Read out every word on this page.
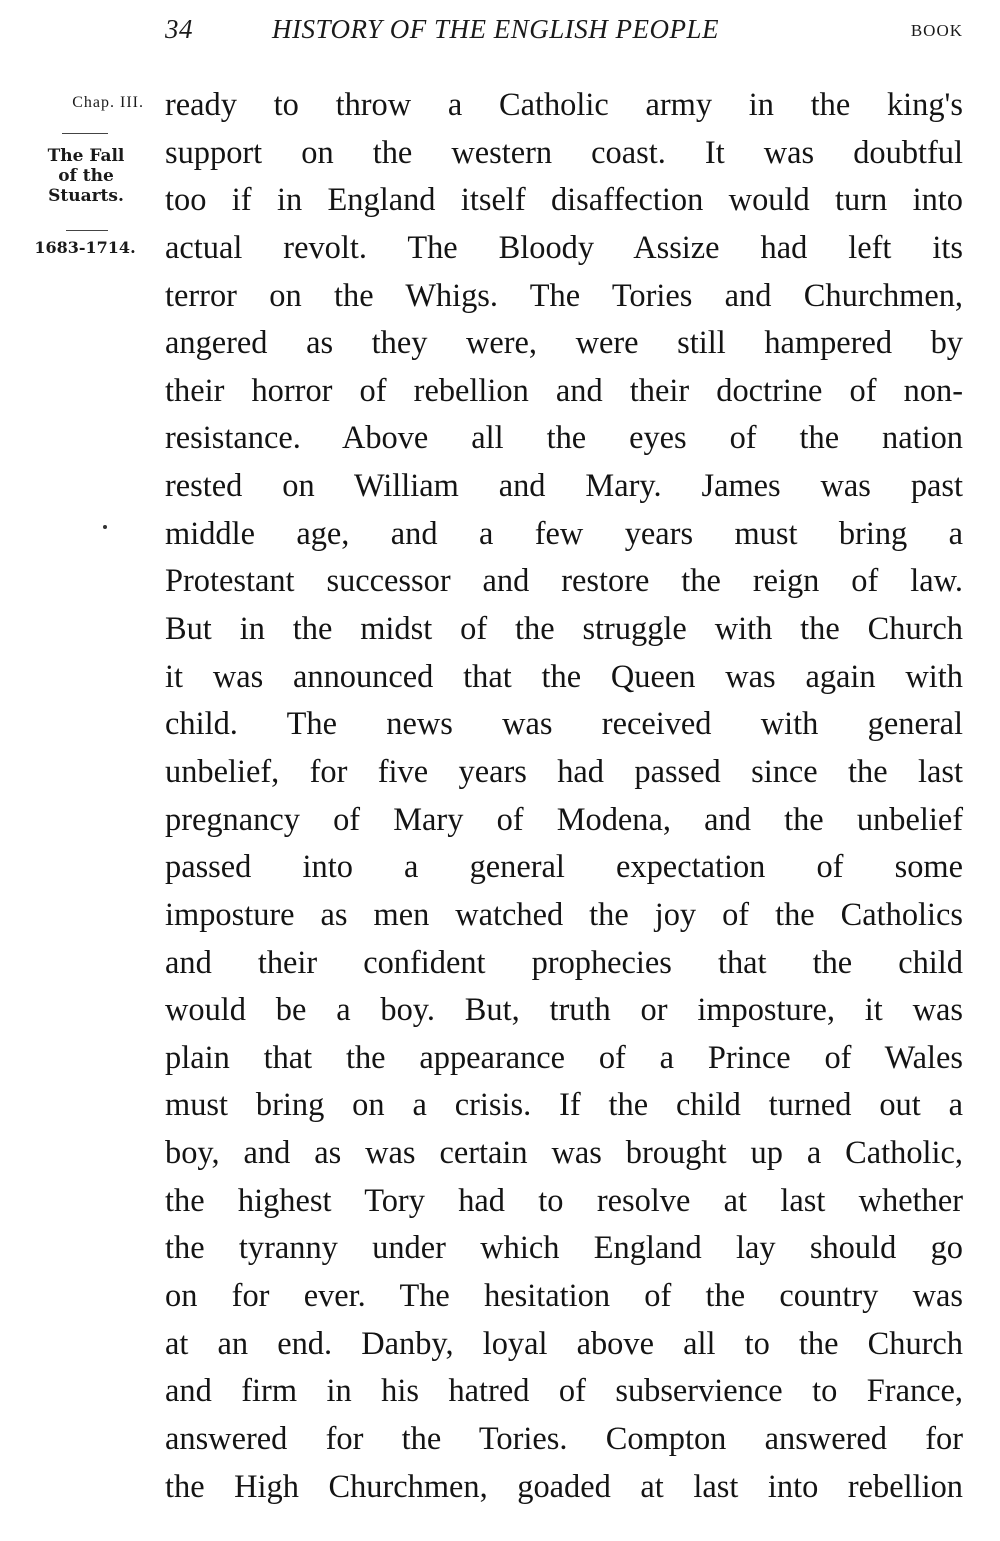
34	HISTORY OF THE ENGLISH PEOPLE	BOOK
Chap. III.
The Fall
of the
Stuarts.
1683-1714.
ready to throw a Catholic army in the king's
support on the western coast. It was doubtful
too if in England itself disaffection would turn into
actual revolt. The Bloody Assize had left its
terror on the Whigs. The Tories and Churchmen,
angered as they were, were still hampered by
their horror of rebellion and their doctrine of non-
resistance. Above all the eyes of the nation
rested on William and Mary. James was past
middle age, and a few years must bring a
Protestant successor and restore the reign of law.
But in the midst of the struggle with the Church
it was announced that the Queen was again with
child. The news was received with general
unbelief, for five years had passed since the last
pregnancy of Mary of Modena, and the unbelief
passed into a general expectation of some
imposture as men watched the joy of the Catholics
and their confident prophecies that the child
would be a boy. But, truth or imposture, it was
plain that the appearance of a Prince of Wales
must bring on a crisis. If the child turned out a
boy, and as was certain was brought up a Catholic,
the highest Tory had to resolve at last whether
the tyranny under which England lay should go
on for ever. The hesitation of the country was
at an end. Danby, loyal above all to the Church
and firm in his hatred of subservience to France,
answered for the Tories. Compton answered for
the High Churchmen, goaded at last into rebellion
